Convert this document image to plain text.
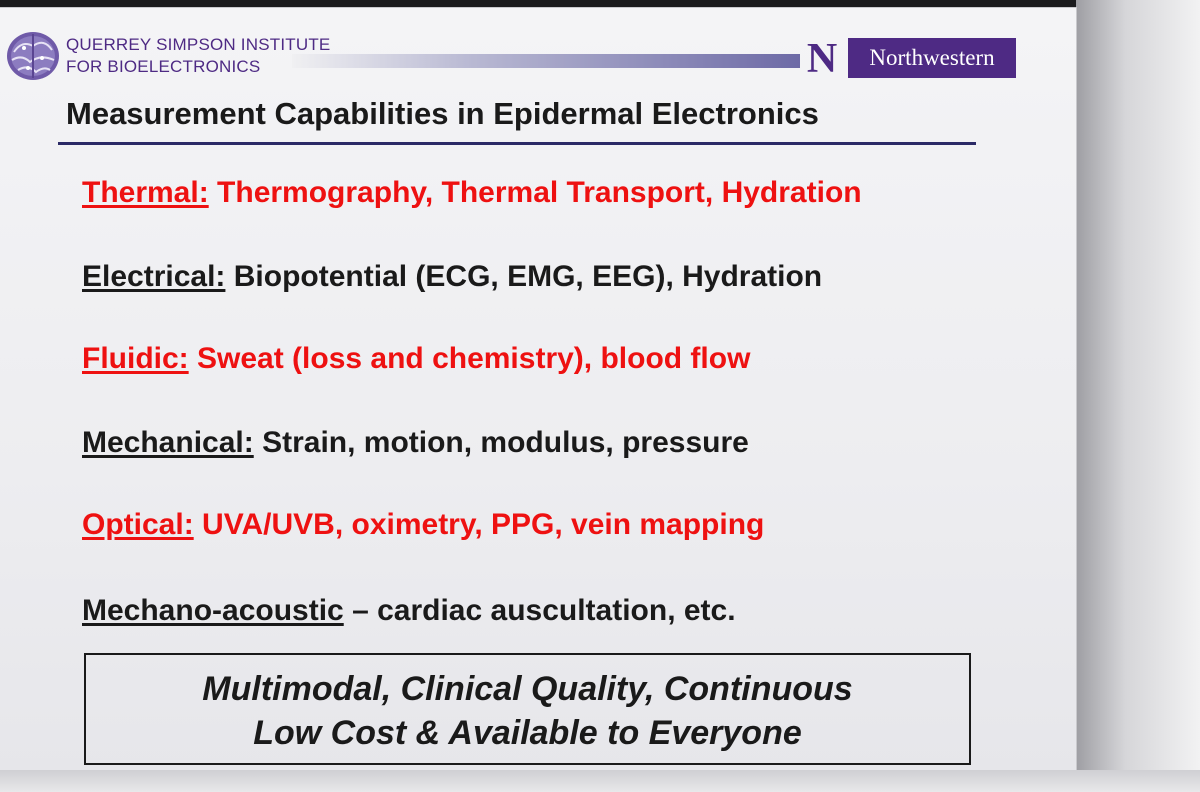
QUERREY SIMPSON INSTITUTE
FOR BIOELECTRONICS	N	Northwestern
Measurement Capabilities in Epidermal Electronics
Thermal: Thermography, Thermal Transport, Hydration
Electrical: Biopotential (ECG, EMG, EEG), Hydration
Fluidic: Sweat (loss and chemistry), blood flow
Mechanical: Strain, motion, modulus, pressure
Optical: UVA/UVB, oximetry, PPG, vein mapping
Mechano-acoustic – cardiac auscultation, etc.
Multimodal, Clinical Quality, Continuous
Low Cost & Available to Everyone
